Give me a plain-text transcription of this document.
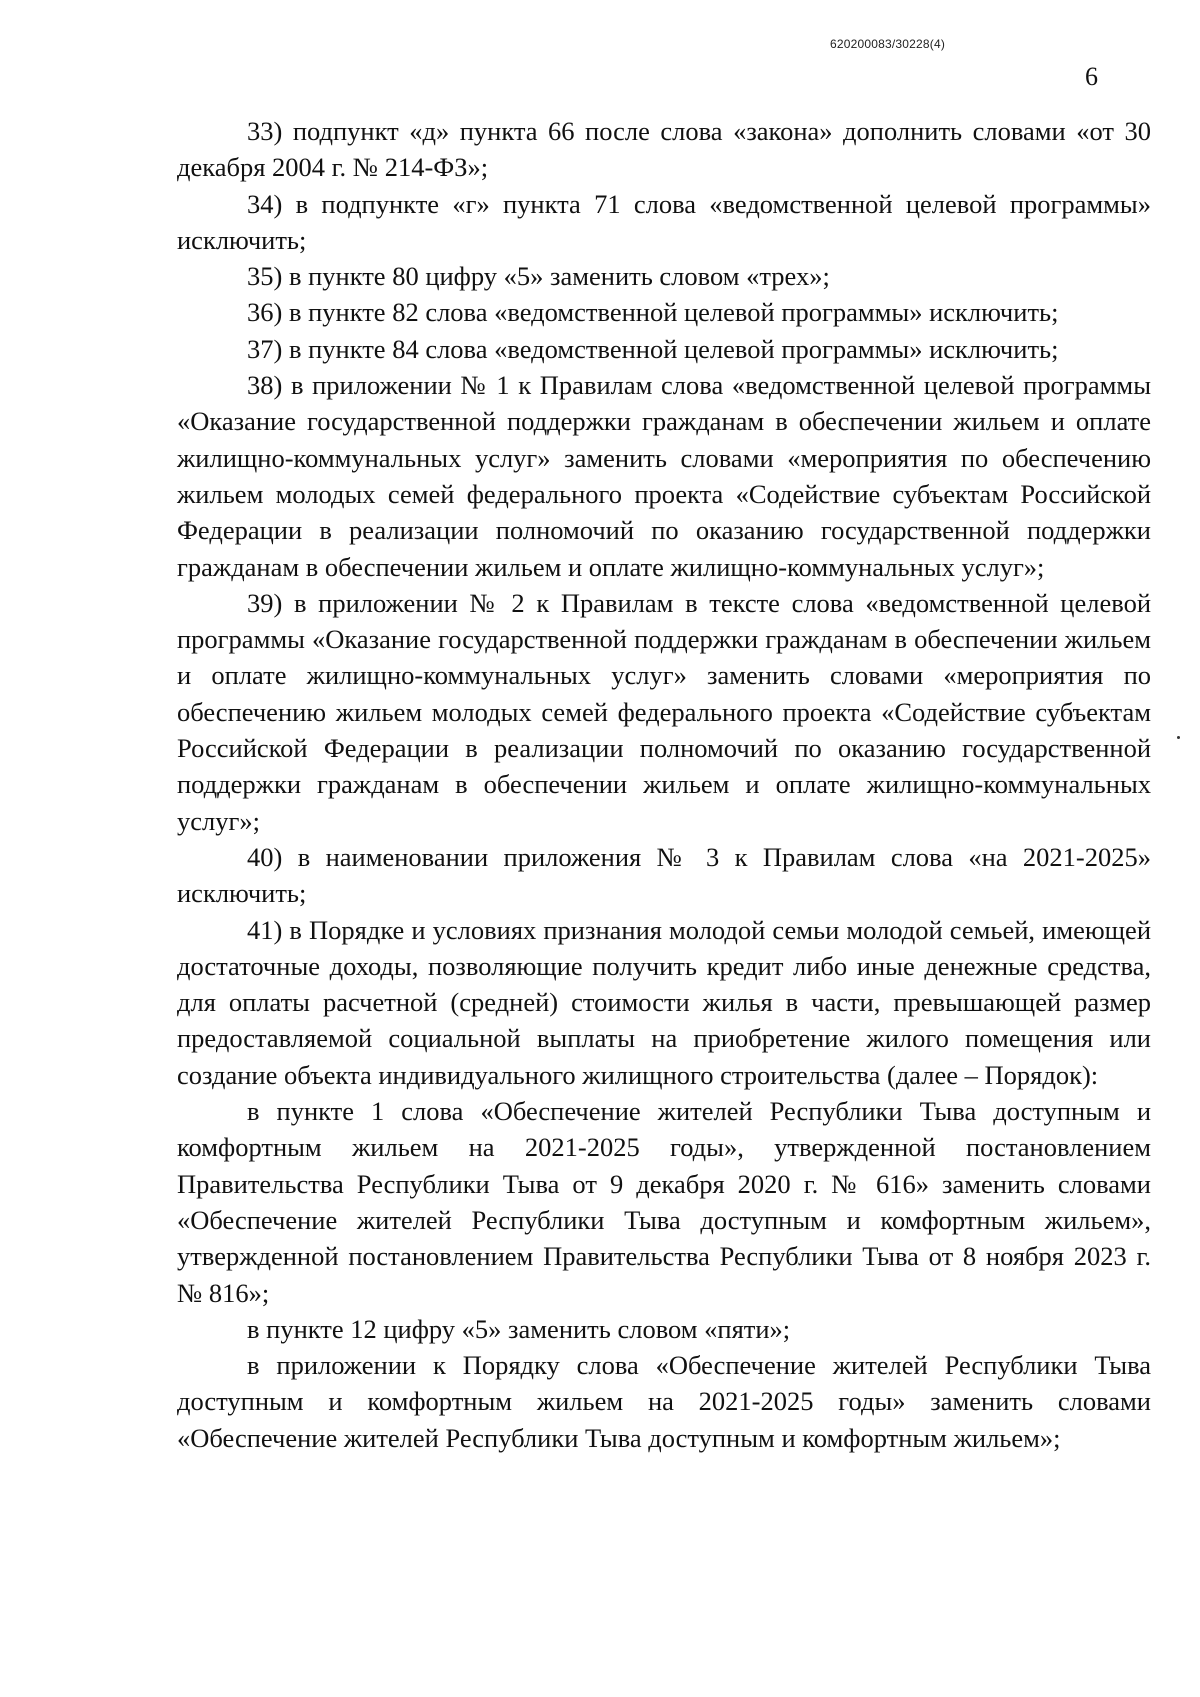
620200083/30228(4)
6

33) подпункт «д» пункта 66 после слова «закона» дополнить словами «от 30 декабря 2004 г. № 214-ФЗ»;

34) в подпункте «г» пункта 71 слова «ведомственной целевой программы» исключить;

35) в пункте 80 цифру «5» заменить словом «трех»;

36) в пункте 82 слова «ведомственной целевой программы» исключить;

37) в пункте 84 слова «ведомственной целевой программы» исключить;

38) в приложении № 1 к Правилам слова «ведомственной целевой программы «Оказание государственной поддержки гражданам в обеспечении жильем и оплате жилищно-коммунальных услуг» заменить словами «мероприятия по обеспечению жильем молодых семей федерального проекта «Содействие субъектам Российской Федерации в реализации полномочий по оказанию государственной поддержки гражданам в обеспечении жильем и оплате жилищно-коммунальных услуг»;

39) в приложении № 2 к Правилам в тексте слова «ведомственной целевой программы «Оказание государственной поддержки гражданам в обеспечении жильем и оплате жилищно-коммунальных услуг» заменить словами «мероприятия по обеспечению жильем молодых семей федерального проекта «Содействие субъектам Российской Федерации в реализации полномочий по оказанию государственной поддержки гражданам в обеспечении жильем и оплате жилищно-коммунальных услуг»;

40) в наименовании приложения № 3 к Правилам слова «на 2021-2025» исключить;

41) в Порядке и условиях признания молодой семьи молодой семьей, имеющей достаточные доходы, позволяющие получить кредит либо иные денежные средства, для оплаты расчетной (средней) стоимости жилья в части, превышающей размер предоставляемой социальной выплаты на приобретение жилого помещения или создание объекта индивидуального жилищного строительства (далее – Порядок):

в пункте 1 слова «Обеспечение жителей Республики Тыва доступным и комфортным жильем на 2021-2025 годы», утвержденной постановлением Правительства Республики Тыва от 9 декабря 2020 г. № 616» заменить словами «Обеспечение жителей Республики Тыва доступным и комфортным жильем», утвержденной постановлением Правительства Республики Тыва от 8 ноября 2023 г. № 816»;

в пункте 12 цифру «5» заменить словом «пяти»;

в приложении к Порядку слова «Обеспечение жителей Республики Тыва доступным и комфортным жильем на 2021-2025 годы» заменить словами «Обеспечение жителей Республики Тыва доступным и комфортным жильем»;
